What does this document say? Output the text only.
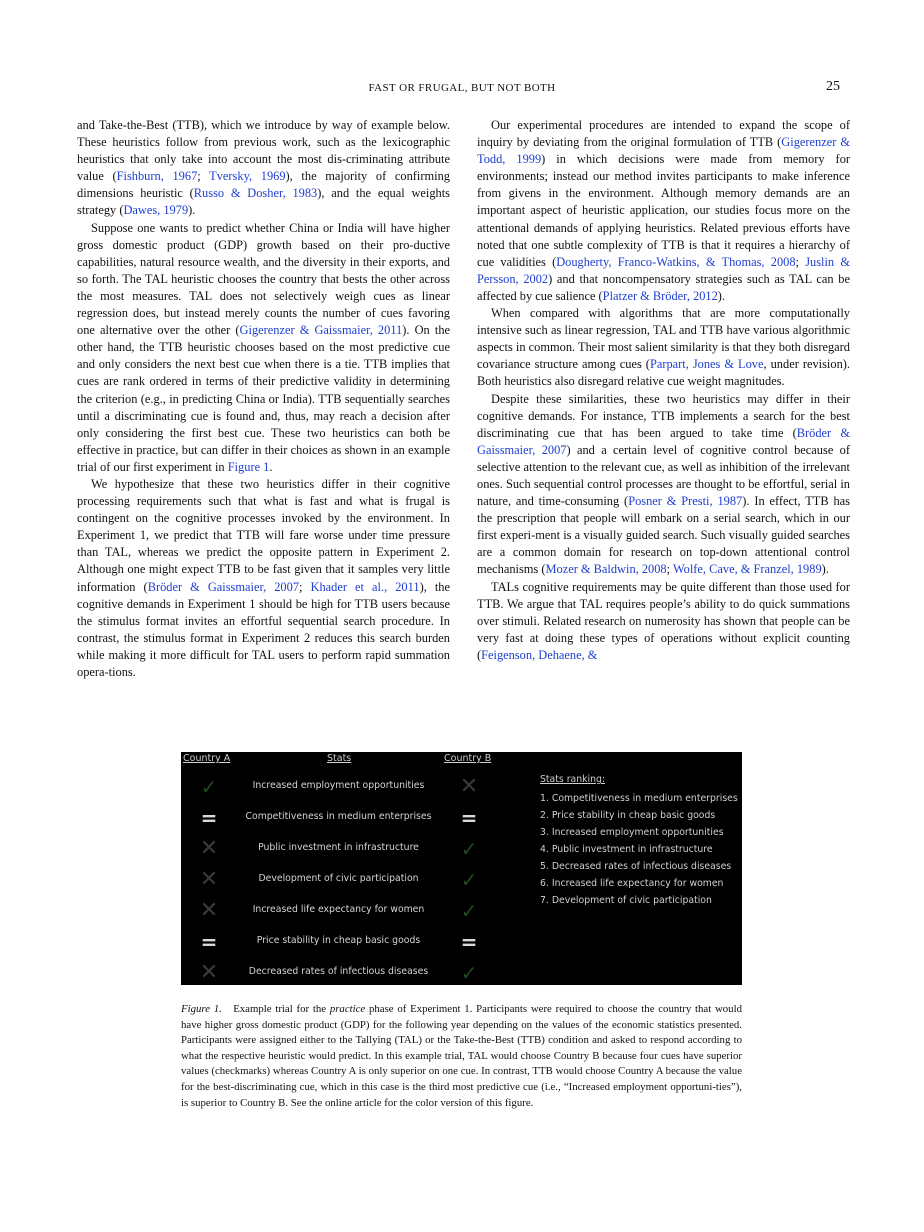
FAST OR FRUGAL, BUT NOT BOTH	25

and Take-the-Best (TTB), which we introduce by way of example below. These heuristics follow from previous work, such as the lexicographic heuristics that only take into account the most dis-criminating attribute value (Fishburn, 1967; Tversky, 1969), the majority of confirming dimensions heuristic (Russo & Dosher, 1983), and the equal weights strategy (Dawes, 1979).

Suppose one wants to predict whether China or India will have higher gross domestic product (GDP) growth based on their pro-ductive capabilities, natural resource wealth, and the diversity in their exports, and so forth. The TAL heuristic chooses the country that bests the other across the most measures. TAL does not selectively weigh cues as linear regression does, but instead merely counts the number of cues favoring one alternative over the other (Gigerenzer & Gaissmaier, 2011). On the other hand, the TTB heuristic chooses based on the most predictive cue and only considers the next best cue when there is a tie. TTB implies that cues are rank ordered in terms of their predictive validity in determining the criterion (e.g., in predicting China or India). TTB sequentially searches until a discriminating cue is found and, thus, may reach a decision after only considering the first best cue. These two heuristics can both be effective in practice, but can differ in their choices as shown in an example trial of our first experiment in Figure 1.

We hypothesize that these two heuristics differ in their cognitive processing requirements such that what is fast and what is frugal is contingent on the cognitive processes invoked by the environment. In Experiment 1, we predict that TTB will fare worse under time pressure than TAL, whereas we predict the opposite pattern in Experiment 2. Although one might expect TTB to be fast given that it samples very little information (Bröder & Gaissmaier, 2007; Khader et al., 2011), the cognitive demands in Experiment 1 should be high for TTB users because the stimulus format invites an effortful sequential search procedure. In contrast, the stimulus format in Experiment 2 reduces this search burden while making it more difficult for TAL users to perform rapid summation opera-tions.

Our experimental procedures are intended to expand the scope of inquiry by deviating from the original formulation of TTB (Gigerenzer & Todd, 1999) in which decisions were made from memory for environments; instead our method invites participants to make inference from givens in the environment. Although memory demands are an important aspect of heuristic application, our studies focus more on the attentional demands of applying heuristics. Related previous efforts have noted that one subtle complexity of TTB is that it requires a hierarchy of cue validities (Dougherty, Franco-Watkins, & Thomas, 2008; Juslin & Persson, 2002) and that noncompensatory strategies such as TAL can be affected by cue salience (Platzer & Bröder, 2012).

When compared with algorithms that are more computationally intensive such as linear regression, TAL and TTB have various algorithmic aspects in common. Their most salient similarity is that they both disregard covariance structure among cues (Parpart, Jones & Love, under revision). Both heuristics also disregard relative cue weight magnitudes.

Despite these similarities, these two heuristics may differ in their cognitive demands. For instance, TTB implements a search for the best discriminating cue that has been argued to take time (Bröder & Gaissmaier, 2007) and a certain level of cognitive control because of selective attention to the relevant cue, as well as inhibition of the irrelevant ones. Such sequential control processes are thought to be effortful, serial in nature, and time-consuming (Posner & Presti, 1987). In effect, TTB has the prescription that people will embark on a serial search, which in our first experi-ment is a visually guided search. Such visually guided searches are a common domain for research on top-down attentional control mechanisms (Mozer & Baldwin, 2008; Wolfe, Cave, & Franzel, 1989).

TALs cognitive requirements may be quite different than those used for TTB. We argue that TAL requires people’s ability to do quick summations over stimuli. Related research on numerosity has shown that people can be very fast at doing these types of operations without explicit counting (Feigenson, Dehaene, &

Country A	Stats	Country B
✓	Increased employment opportunities	✕
=	Competitiveness in medium enterprises	=
✕	Public investment in infrastructure	✓
✕	Development of civic participation	✓
✕	Increased life expectancy for women	✓
=	Price stability in cheap basic goods	=
✕	Decreased rates of infectious diseases	✓
Stats ranking:
1. Competitiveness in medium enterprises
2. Price stability in cheap basic goods
3. Increased employment opportunities
4. Public investment in infrastructure
5. Decreased rates of infectious diseases
6. Increased life expectancy for women
7. Development of civic participation
Figure 1. Example trial for the practice phase of Experiment 1. Participants were required to choose the country that would have higher gross domestic product (GDP) for the following year depending on the values of the economic statistics presented. Participants were assigned either to the Tallying (TAL) or the Take-the-Best (TTB) condition and asked to respond according to what the respective heuristic would predict. In this example trial, TAL would choose Country B because four cues have superior values (checkmarks) whereas Country A is only superior on one cue. In contrast, TTB would choose Country A because the value for the best-discriminating cue, which in this case is the third most predictive cue (i.e., “Increased employment opportuni-ties”), is superior to Country B. See the online article for the color version of this figure.
